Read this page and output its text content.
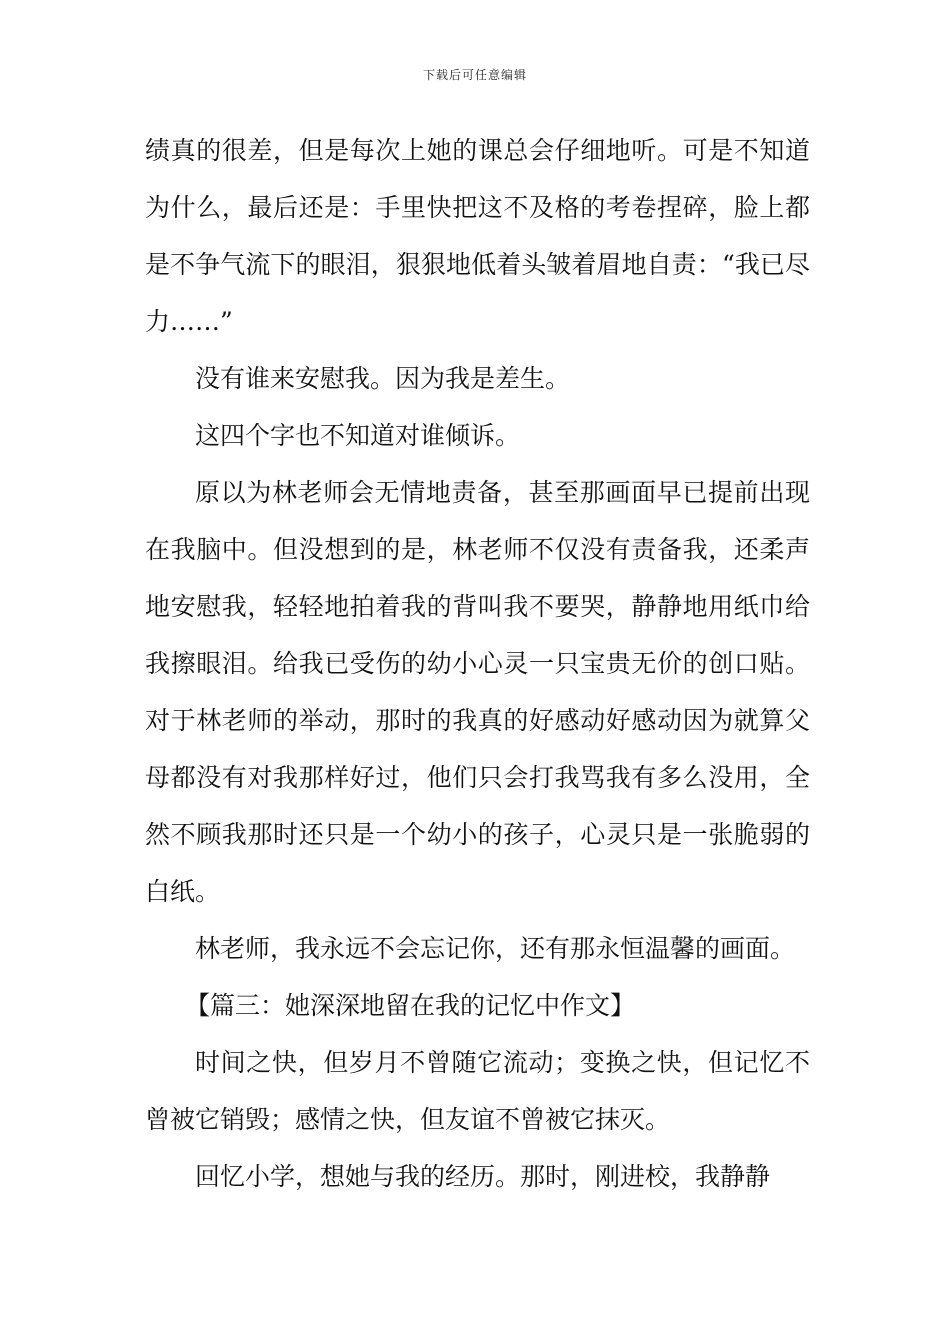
下载后可任意编辑

绩真的很差，但是每次上她的课总会仔细地听。可是不知道为什么，最后还是：手里快把这不及格的考卷捏碎，脸上都是不争气流下的眼泪，狠狠地低着头皱着眉地自责：“我已尽力……”

没有谁来安慰我。因为我是差生。

这四个字也不知道对谁倾诉。

原以为林老师会无情地责备，甚至那画面早已提前出现在我脑中。但没想到的是，林老师不仅没有责备我，还柔声地安慰我，轻轻地拍着我的背叫我不要哭，静静地用纸巾给我擦眼泪。给我已受伤的幼小心灵一只宝贵无价的创口贴。对于林老师的举动，那时的我真的好感动好感动因为就算父母都没有对我那样好过，他们只会打我骂我有多么没用，全然不顾我那时还只是一个幼小的孩子，心灵只是一张脆弱的白纸。

林老师，我永远不会忘记你，还有那永恒温馨的画面。

【篇三：她深深地留在我的记忆中作文】

时间之快，但岁月不曾随它流动；变换之快，但记忆不曾被它销毁；感情之快，但友谊不曾被它抹灭。

回忆小学，想她与我的经历。那时，刚进校，我静静
